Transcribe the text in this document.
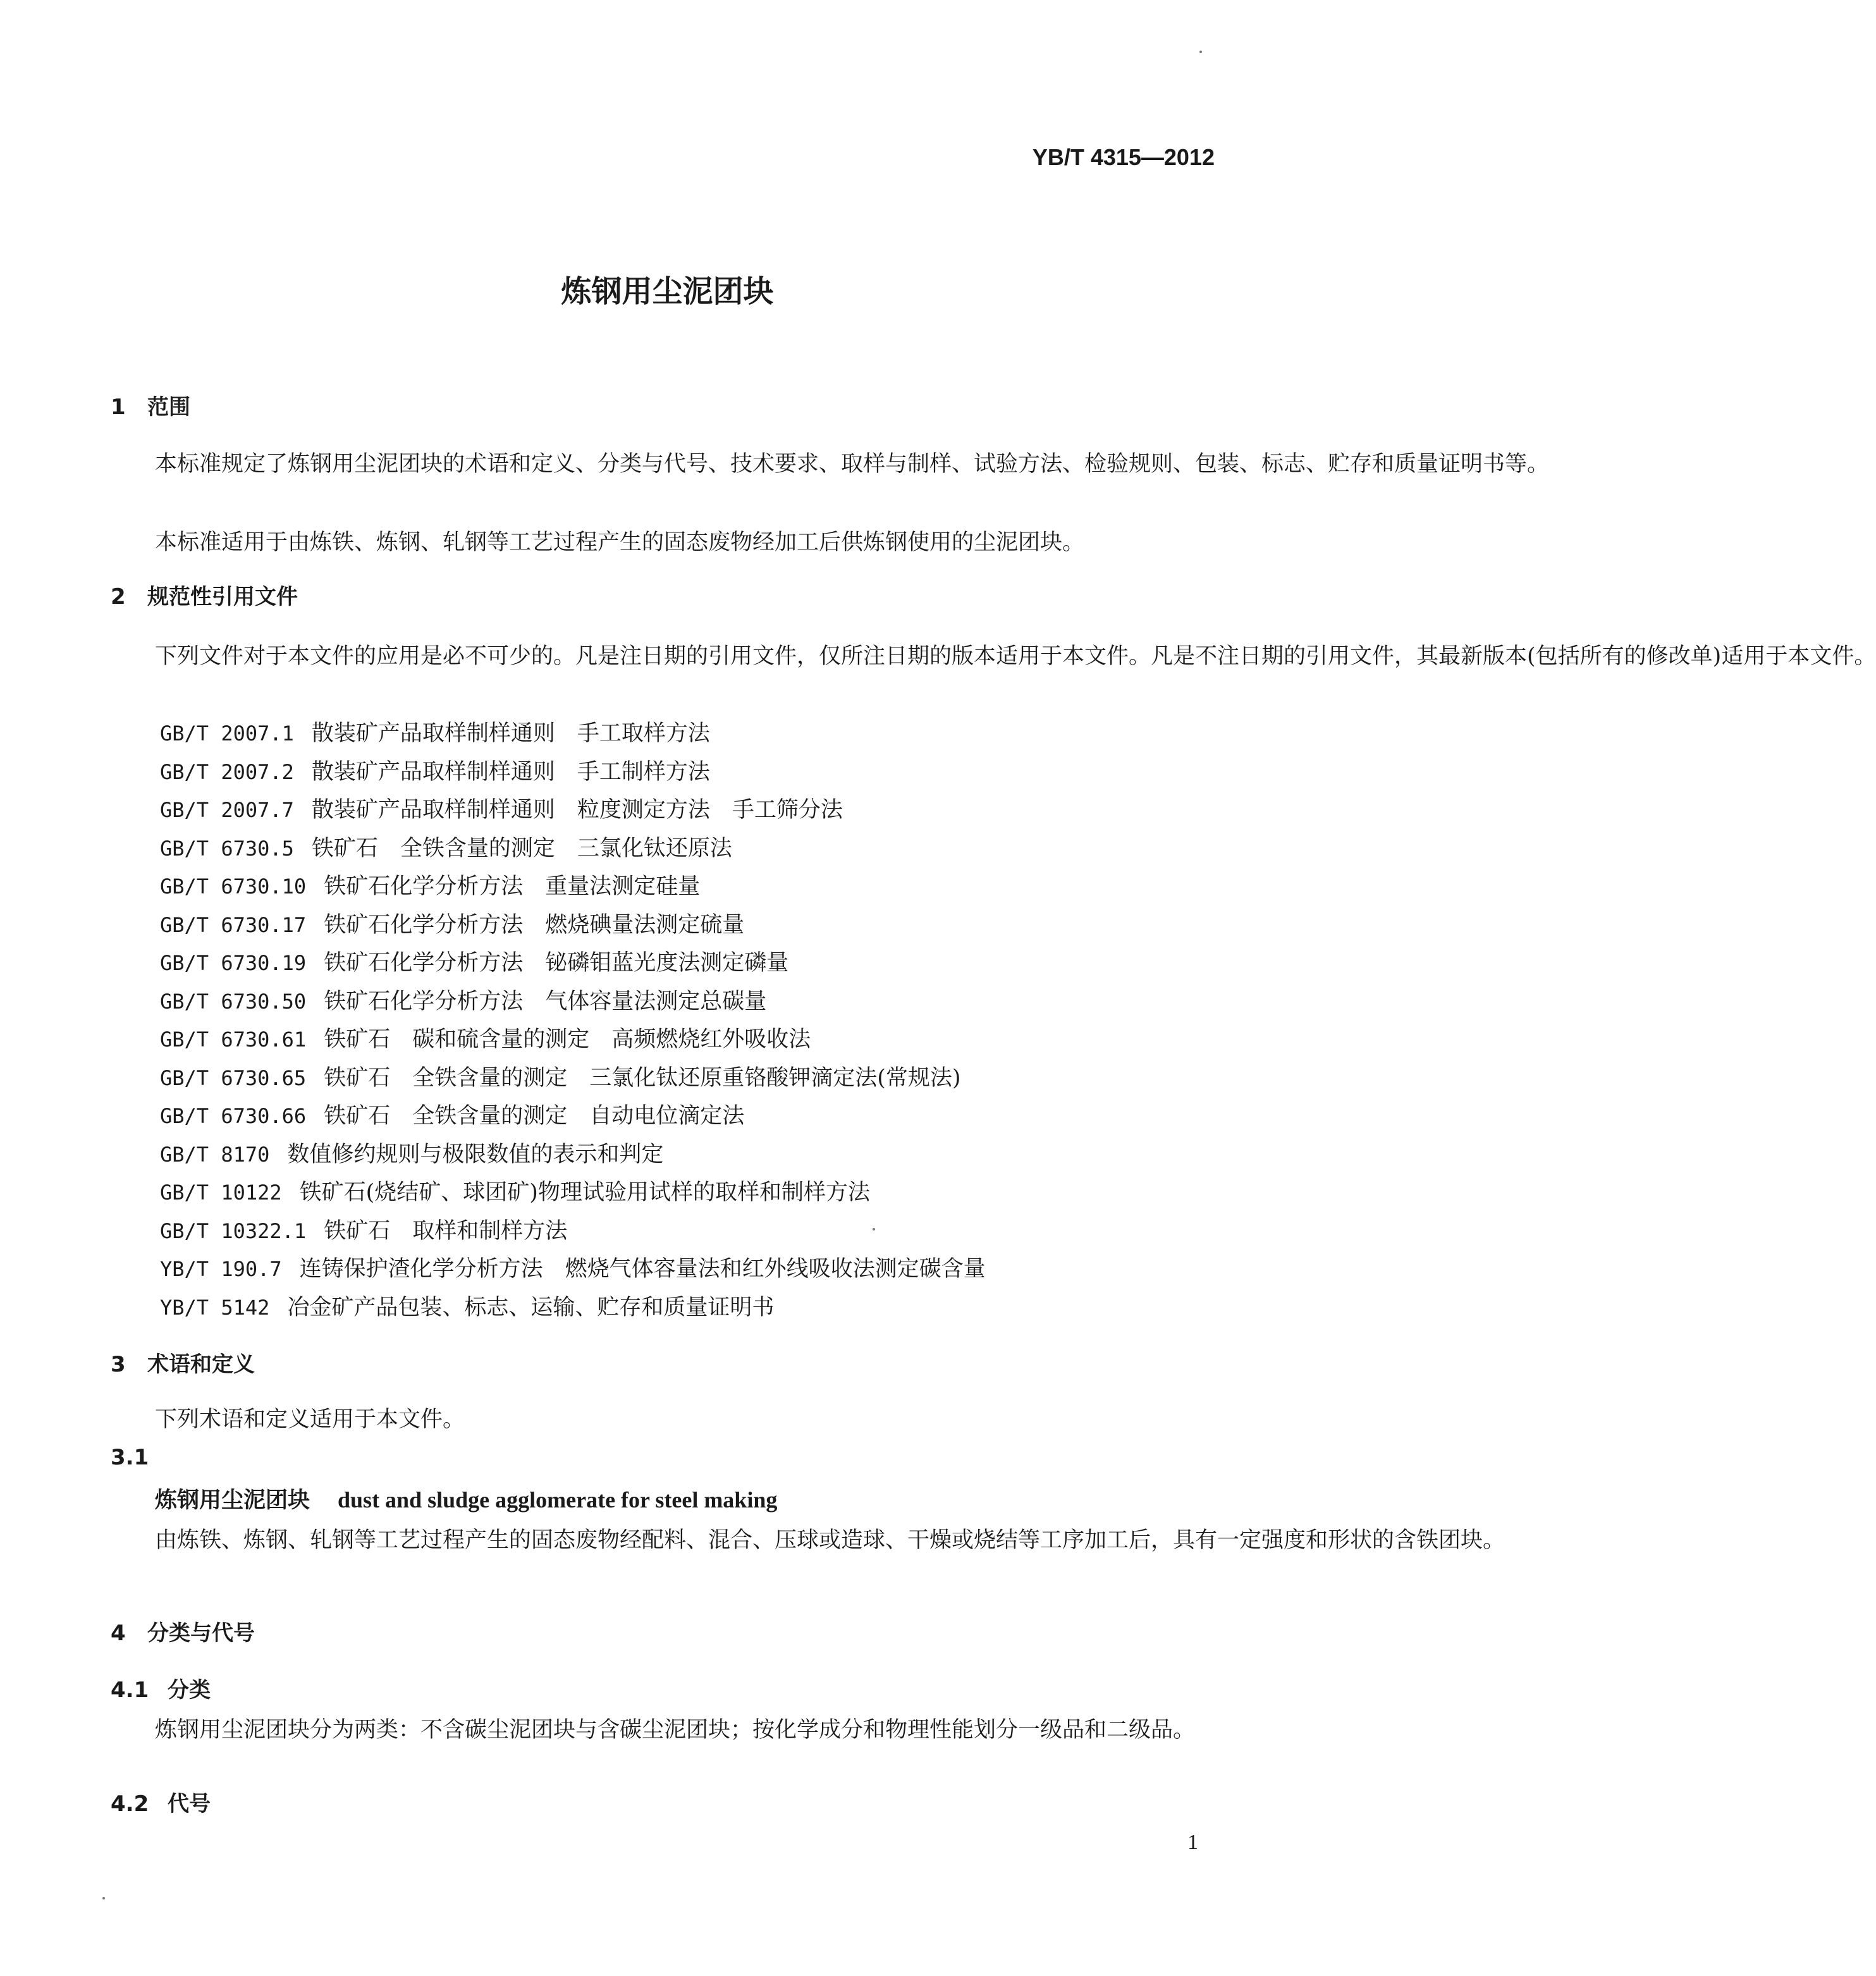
YB/T 4315—2012
炼钢用尘泥团块
1 范围
本标准规定了炼钢用尘泥团块的术语和定义、分类与代号、技术要求、取样与制样、试验方法、检验规则、包装、标志、贮存和质量证明书等。
本标准适用于由炼铁、炼钢、轧钢等工艺过程产生的固态废物经加工后供炼钢使用的尘泥团块。
2 规范性引用文件
下列文件对于本文件的应用是必不可少的。凡是注日期的引用文件，仅所注日期的版本适用于本文件。凡是不注日期的引用文件，其最新版本(包括所有的修改单)适用于本文件。
GB/T 2007.1 散装矿产品取样制样通则　手工取样方法
GB/T 2007.2 散装矿产品取样制样通则　手工制样方法
GB/T 2007.7 散装矿产品取样制样通则　粒度测定方法　手工筛分法
GB/T 6730.5 铁矿石　全铁含量的测定　三氯化钛还原法
GB/T 6730.10 铁矿石化学分析方法　重量法测定硅量
GB/T 6730.17 铁矿石化学分析方法　燃烧碘量法测定硫量
GB/T 6730.19 铁矿石化学分析方法　铋磷钼蓝光度法测定磷量
GB/T 6730.50 铁矿石化学分析方法　气体容量法测定总碳量
GB/T 6730.61 铁矿石　碳和硫含量的测定　高频燃烧红外吸收法
GB/T 6730.65 铁矿石　全铁含量的测定　三氯化钛还原重铬酸钾滴定法(常规法)
GB/T 6730.66 铁矿石　全铁含量的测定　自动电位滴定法
GB/T 8170 数值修约规则与极限数值的表示和判定
GB/T 10122 铁矿石(烧结矿、球团矿)物理试验用试样的取样和制样方法
GB/T 10322.1 铁矿石　取样和制样方法
YB/T 190.7 连铸保护渣化学分析方法　燃烧气体容量法和红外线吸收法测定碳含量
YB/T 5142 冶金矿产品包装、标志、运输、贮存和质量证明书
3 术语和定义
下列术语和定义适用于本文件。
3.1
炼钢用尘泥团块 dust and sludge agglomerate for steel making
由炼铁、炼钢、轧钢等工艺过程产生的固态废物经配料、混合、压球或造球、干燥或烧结等工序加工后，具有一定强度和形状的含铁团块。
4 分类与代号
4.1 分类
炼钢用尘泥团块分为两类：不含碳尘泥团块与含碳尘泥团块；按化学成分和物理性能划分一级品和二级品。
4.2 代号
1
